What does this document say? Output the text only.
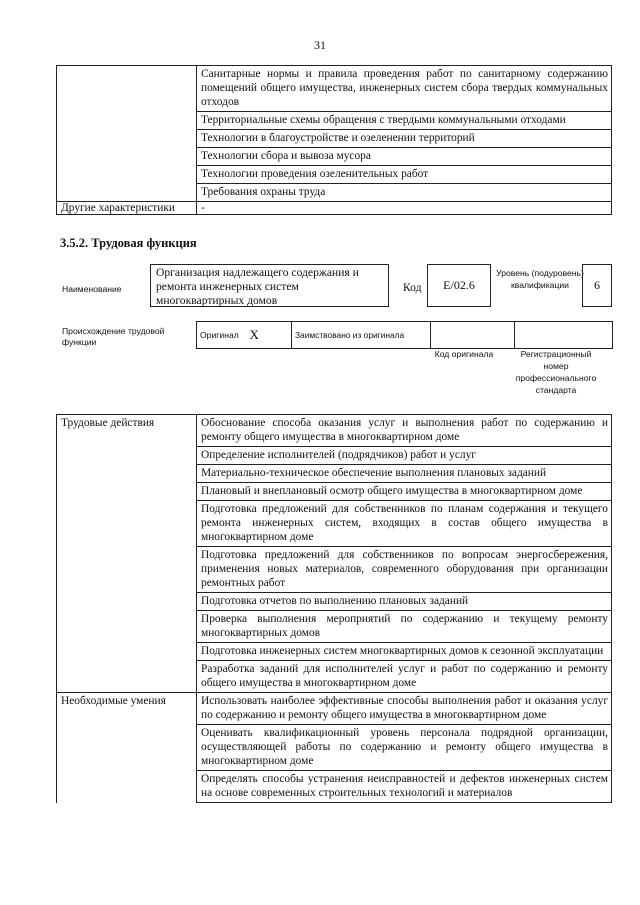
31
	Санитарные нормы и правила проведения работ по санитарному содержанию помещений общего имущества, инженерных систем сбора твердых коммунальных отходов
	Территориальные схемы обращения с твердыми коммунальными отходами
	Технологии в благоустройстве и озеленении территорий
	Технологии сбора и вывоза мусора
	Технологии проведения озеленительных работ
	Требования охраны труда
Другие характеристики	-
3.5.2. Трудовая функция
Наименование
Организация надлежащего содержания и ремонта инженерных систем многоквартирных домов
Код	E/02.6
Уровень (подуровень) квалификации	6
Происхождение трудовой функции
Оригинал	X	Заимствовано из оригинала		
Код оригинала	Регистрационный номер профессионального стандарта
Трудовые действия	Обоснование способа оказания услуг и выполнения работ по содержанию и ремонту общего имущества в многоквартирном доме
	Определение исполнителей (подрядчиков) работ и услуг
	Материально-техническое обеспечение выполнения плановых заданий
	Плановый и внеплановый осмотр общего имущества в многоквартирном доме
	Подготовка предложений для собственников по планам содержания и текущего ремонта инженерных систем, входящих в состав общего имущества в многоквартирном доме
	Подготовка предложений для собственников по вопросам энергосбережения, применения новых материалов, современного оборудования при организации ремонтных работ
	Подготовка отчетов по выполнению плановых заданий
	Проверка выполнения мероприятий по содержанию и текущему ремонту многоквартирных домов
	Подготовка инженерных систем многоквартирных домов к сезонной эксплуатации
	Разработка заданий для исполнителей услуг и работ по содержанию и ремонту общего имущества в многоквартирном доме
Необходимые умения	Использовать наиболее эффективные способы выполнения работ и оказания услуг по содержанию и ремонту общего имущества в многоквартирном доме
	Оценивать квалификационный уровень персонала подрядной организации, осуществляющей работы по содержанию и ремонту общего имущества в многоквартирном доме
	Определять способы устранения неисправностей и дефектов инженерных систем на основе современных строительных технологий и материалов
